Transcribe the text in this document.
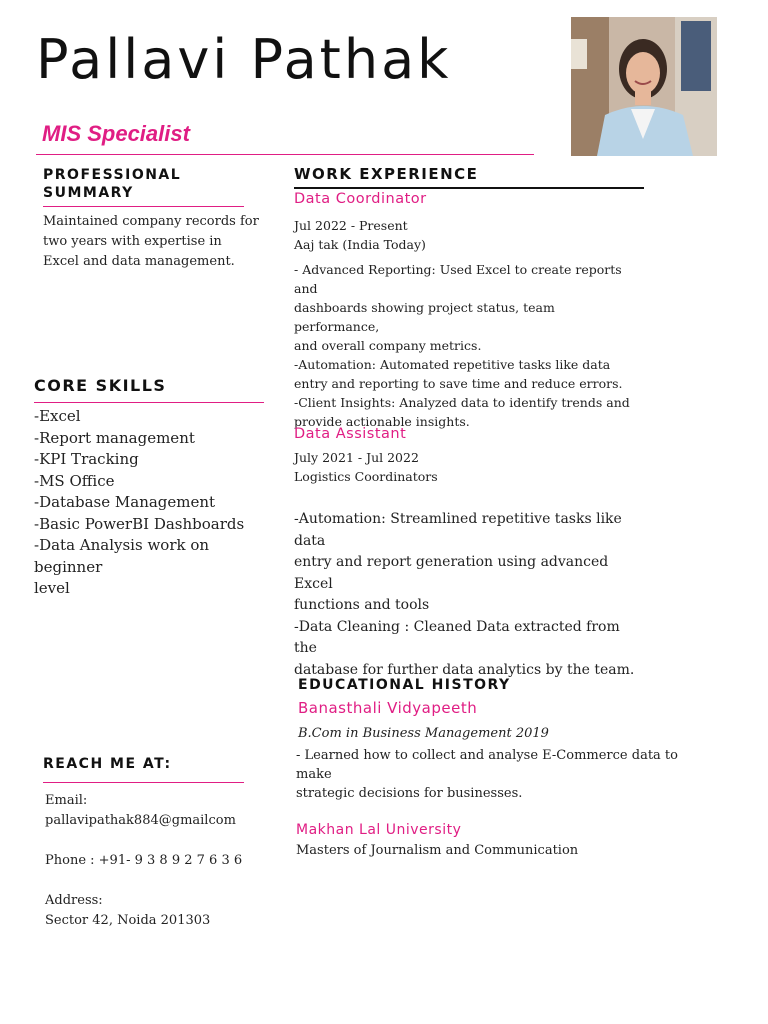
Pallavi Pathak
MIS Specialist
PROFESSIONAL
SUMMARY
Maintained company records for
two years with expertise in
Excel and data management.
CORE SKILLS
-Excel
-Report management
-KPI Tracking
-MS Office
-Database Management
-Basic PowerBI Dashboards
-Data Analysis work on beginner
level
REACH ME AT:
Email:
pallavipathak884@gmailcom
Phone : +91- 9 3 8 9 2 7 6 3 6
Address:
Sector 42, Noida 201303
WORK EXPERIENCE
Data Coordinator
Jul 2022 - Present
Aaj tak (India Today)
- Advanced Reporting: Used Excel to create reports and
dashboards showing project status, team performance,
and overall company metrics.
-Automation: Automated repetitive tasks like data
entry and reporting to save time and reduce errors.
-Client Insights: Analyzed data to identify trends and
provide actionable insights.
Data Assistant
July 2021 - Jul 2022
Logistics Coordinators
-Automation: Streamlined repetitive tasks like data
entry and report generation using advanced Excel
functions and tools
-Data Cleaning : Cleaned Data extracted from the
database for further data analytics by the team.
EDUCATIONAL HISTORY
Banasthali Vidyapeeth
B.Com in Business Management 2019
- Learned how to collect and analyse E-Commerce data to make
strategic decisions for businesses.
Makhan Lal University
Masters of Journalism and Communication
